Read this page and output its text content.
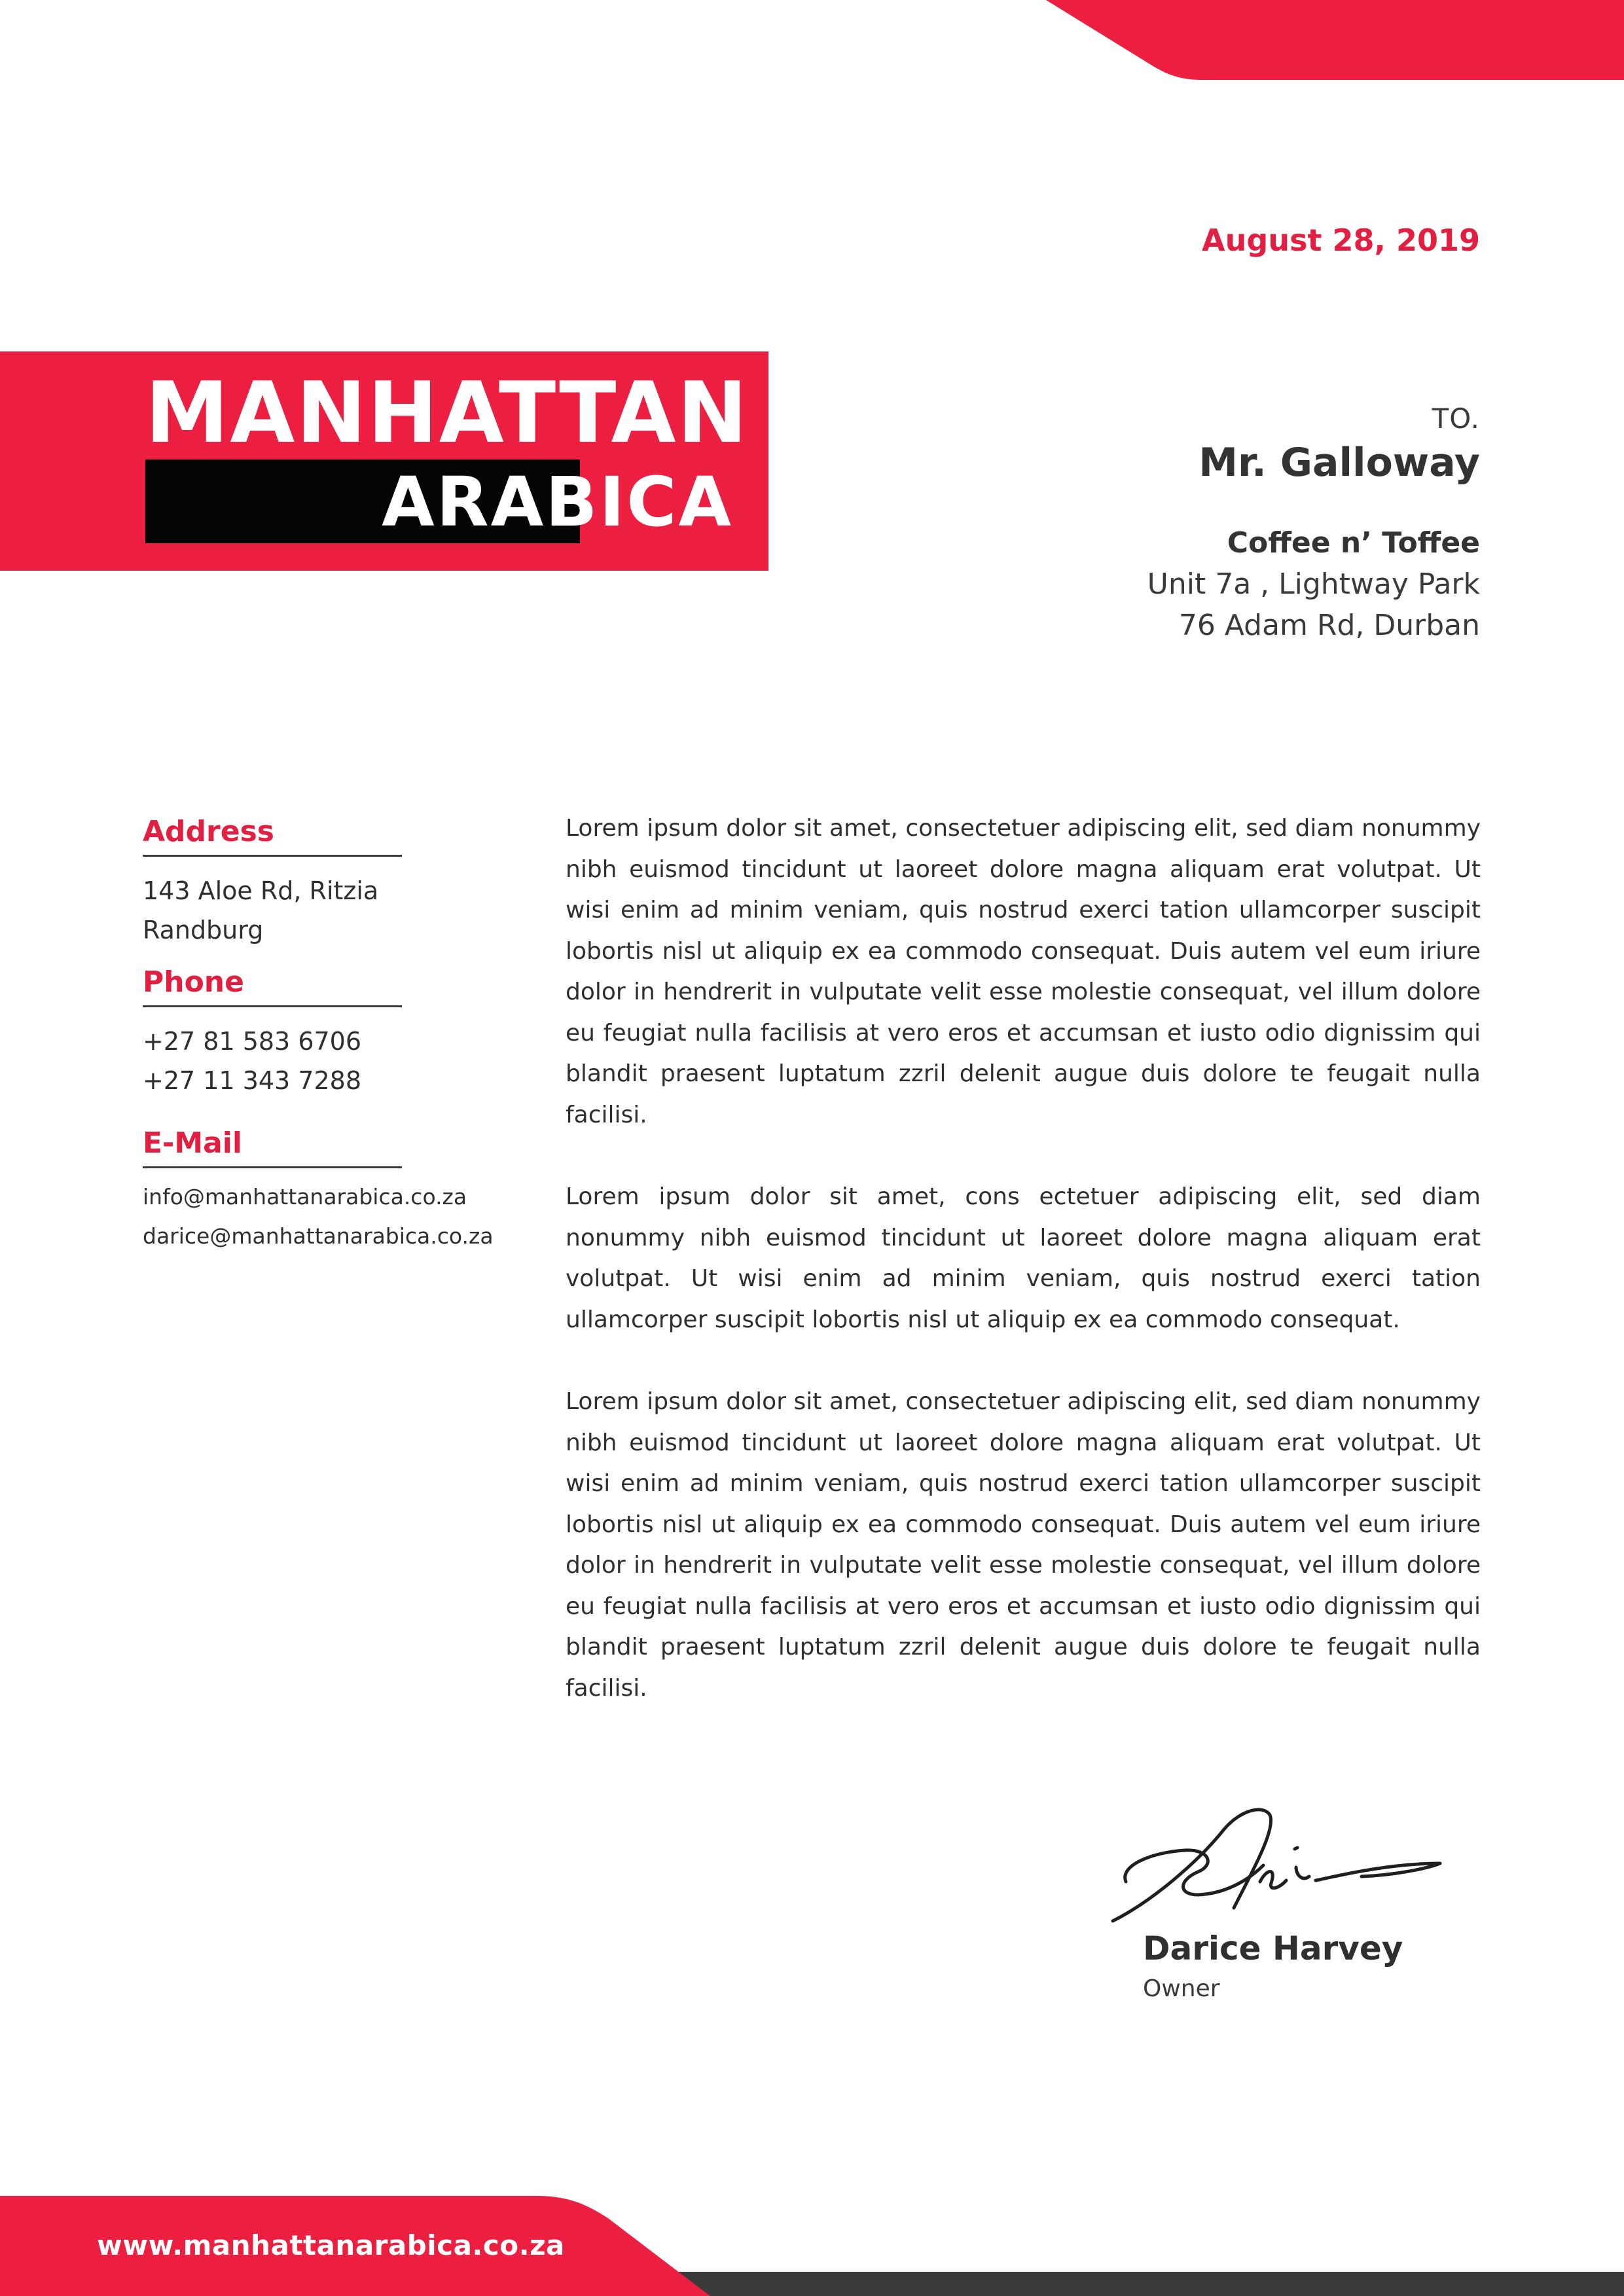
August 28, 2019
MANHATTAN
ARABICA
TO.
Mr. Galloway
Coffee n’ Toffee
Unit 7a , Lightway Park
76 Adam Rd, Durban
Address
143 Aloe Rd, Ritzia
Randburg
Phone
+27 81 583 6706
+27 11 343 7288
E-Mail
info@manhattanarabica.co.za
darice@manhattanarabica.co.za

Lorem ipsum dolor sit amet, consectetuer adipiscing elit, sed diam nonummy nibh euismod tincidunt ut laoreet dolore magna aliquam erat volutpat. Ut wisi enim ad minim veniam, quis nostrud exerci tation ullamcorper suscipit lobortis nisl ut aliquip ex ea commodo consequat. Duis autem vel eum iriure dolor in hendrerit in vulputate velit esse molestie consequat, vel illum dolore eu feugiat nulla facilisis at vero eros et accumsan et iusto odio dignissim qui blandit praesent luptatum zzril delenit augue duis dolore te feugait nulla facilisi.

Lorem ipsum dolor sit amet, cons ectetuer adipiscing elit, sed diam nonummy nibh euismod tincidunt ut laoreet dolore magna aliquam erat volutpat. Ut wisi enim ad minim veniam, quis nostrud exerci tation ullamcorper suscipit lobortis nisl ut aliquip ex ea commodo consequat.

Lorem ipsum dolor sit amet, consectetuer adipiscing elit, sed diam nonummy nibh euismod tincidunt ut laoreet dolore magna aliquam erat volutpat. Ut wisi enim ad minim veniam, quis nostrud exerci tation ullamcorper suscipit lobortis nisl ut aliquip ex ea commodo consequat. Duis autem vel eum iriure dolor in hendrerit in vulputate velit esse molestie consequat, vel illum dolore eu feugiat nulla facilisis at vero eros et accumsan et iusto odio dignissim qui blandit praesent luptatum zzril delenit augue duis dolore te feugait nulla facilisi.

Darice Harvey
Owner
www.manhattanarabica.co.za
